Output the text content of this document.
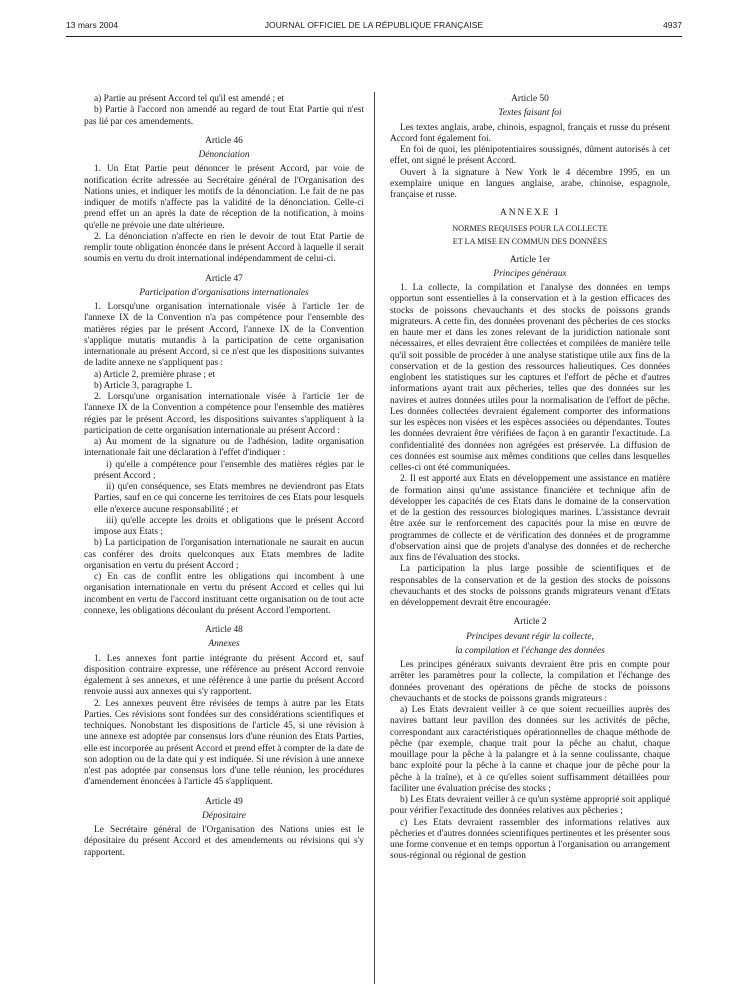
13 mars 2004	JOURNAL OFFICIEL DE LA RÉPUBLIQUE FRANÇAISE	4937

a) Partie au présent Accord tel qu'il est amendé ; et

b) Partie à l'accord non amendé au regard de tout Etat Partie qui n'est pas lié par ces amendements.

Article 46
Dénonciation

1. Un Etat Partie peut dénoncer le présent Accord, par voie de notification écrite adressée au Secrétaire général de l'Organisation des Nations unies, et indiquer les motifs de la dénonciation. Le fait de ne pas indiquer de motifs n'affecte pas la validité de la dénonciation. Celle-ci prend effet un an après la date de réception de la notification, à moins qu'elle ne prévoie une date ultérieure.

2. La dénonciation n'affecte en rien le devoir de tout Etat Partie de remplir toute obligation énoncée dans le présent Accord à laquelle il serait soumis en vertu du droit international indépendamment de celui-ci.

Article 47
Participation d'organisations internationales

1. Lorsqu'une organisation internationale visée à l'article 1er de l'annexe IX de la Convention n'a pas compétence pour l'ensemble des matières régies par le présent Accord, l'annexe IX de la Convention s'applique mutatis mutandis à la participation de cette organisation internationale au présent Accord, si ce n'est que les dispositions suivantes de ladite annexe ne s'appliquent pas :

a) Article 2, première phrase ; et

b) Article 3, paragraphe 1.

2. Lorsqu'une organisation internationale visée à l'article 1er de l'annexe IX de la Convention a compétence pour l'ensemble des matières régies par le présent Accord, les dispositions suivantes s'appliquent à la participation de cette organisation internationale au présent Accord :

a) Au moment de la signature ou de l'adhésion, ladite organisation internationale fait une déclaration à l'effet d'indiquer :

i) qu'elle a compétence pour l'ensemble des matières régies par le présent Accord ;

ii) qu'en conséquence, ses Etats membres ne deviendront pas Etats Parties, sauf en ce qui concerne les territoires de ces Etats pour lesquels elle n'exerce aucune responsabilité ; et

iii) qu'elle accepte les droits et obligations que le présent Accord impose aux Etats ;

b) La participation de l'organisation internationale ne saurait en aucun cas conférer des droits quelconques aux Etats membres de ladite organisation en vertu du présent Accord ;

c) En cas de conflit entre les obligations qui incombent à une organisation internationale en vertu du présent Accord et celles qui lui incombent en vertu de l'accord instituant cette organisation ou de tout acte connexe, les obligations découlant du présent Accord l'emportent.

Article 48
Annexes

1. Les annexes font partie intégrante du présent Accord et, sauf disposition contraire expresse, une référence au présent Accord renvoie également à ses annexes, et une référence à une partie du présent Accord renvoie aussi aux annexes qui s'y rapportent.

2. Les annexes peuvent être révisées de temps à autre par les Etats Parties. Ces révisions sont fondées sur des considérations scientifiques et techniques. Nonobstant les dispositions de l'article 45, si une révision à une annexe est adoptée par consensus lors d'une réunion des Etats Parties, elle est incorporée au présent Accord et prend effet à compter de la date de son adoption ou de la date qui y est indiquée. Si une révision à une annexe n'est pas adoptée par consensus lors d'une telle réunion, les procédures d'amendement énoncées à l'article 45 s'appliquent.

Article 49
Dépositaire

Le Secrétaire général de l'Organisation des Nations unies est le dépositaire du présent Accord et des amendements ou révisions qui s'y rapportent.

Article 50
Textes faisant foi

Les textes anglais, arabe, chinois, espagnol, français et russe du présent Accord font également foi.

En foi de quoi, les plénipotentiaires soussignés, dûment autorisés à cet effet, ont signé le présent Accord.

Ouvert à la signature à New York le 4 décembre 1995, en un exemplaire unique en langues anglaise, arabe, chinoise, espagnole, française et russe.

ANNEXE I
NORMES REQUISES POUR LA COLLECTE
ET LA MISE EN COMMUN DES DONNÉES
Article 1er
Principes généraux

1. La collecte, la compilation et l'analyse des données en temps opportun sont essentielles à la conservation et à la gestion efficaces des stocks de poissons chevauchants et des stocks de poissons grands migrateurs. A cette fin, des données provenant des pêcheries de ces stocks en haute mer et dans les zones relevant de la juridiction nationale sont nécessaires, et elles devraient être collectées et compilées de manière telle qu'il soit possible de procéder à une analyse statistique utile aux fins de la conservation et de la gestion des ressources halieutiques. Ces données englobent les statistiques sur les captures et l'effort de pêche et d'autres informations ayant trait aux pêcheries, telles que des données sur les navires et autres données utiles pour la normalisation de l'effort de pêche. Les données collectées devraient également comporter des informations sur les espèces non visées et les espèces associées ou dépendantes. Toutes les données devraient être vérifiées de façon à en garantir l'exactitude. La confidentialité des données non agrégées est préservée. La diffusion de ces données est soumise aux mêmes conditions que celles dans lesquelles celles-ci ont été communiquées.

2. Il est apporté aux Etats en développement une assistance en matière de formation ainsi qu'une assistance financière et technique afin de développer les capacités de ces Etats dans le domaine de la conservation et de la gestion des ressources biologiques marines. L'assistance devrait être axée sur le renforcement des capacités pour la mise en œuvre de programmes de collecte et de vérification des données et de programme d'observation ainsi que de projets d'analyse des données et de recherche aux fins de l'évaluation des stocks.

La participation la plus large possible de scientifiques et de responsables de la conservation et de la gestion des stocks de poissons chevauchants et des stocks de poissons grands migrateurs venant d'Etats en développement devrait être encouragée.

Article 2
Principes devant régir la collecte,
la compilation et l'échange des données

Les principes généraux suivants devraient être pris en compte pour arrêter les paramètres pour la collecte, la compilation et l'échange des données provenant des opérations de pêche de stocks de poissons chevauchants et de stocks de poissons grands migrateurs :

a) Les Etats devraient veiller à ce que soient recueillies auprès des navires battant leur pavillon des données sur les activités de pêche, correspondant aux caractéristiques opérationnelles de chaque méthode de pêche (par exemple, chaque trait pour la pêche au chalut, chaque mouillage pour la pêche à la palangre et à la senne coulissante, chaque banc exploité pour la pêche à la canne et chaque jour de pêche pour la pêche à la traîne), et à ce qu'elles soient suffisamment détaillées pour faciliter une évaluation précise des stocks ;

b) Les Etats devraient veiller à ce qu'un système approprié soit appliqué pour vérifier l'exactitude des données relatives aux pêcheries ;

c) Les Etats devraient rassembler des informations relatives aux pêcheries et d'autres données scientifiques pertinentes et les présenter sous une forme convenue et en temps opportun à l'organisation ou arrangement sous-régional ou régional de gestion
